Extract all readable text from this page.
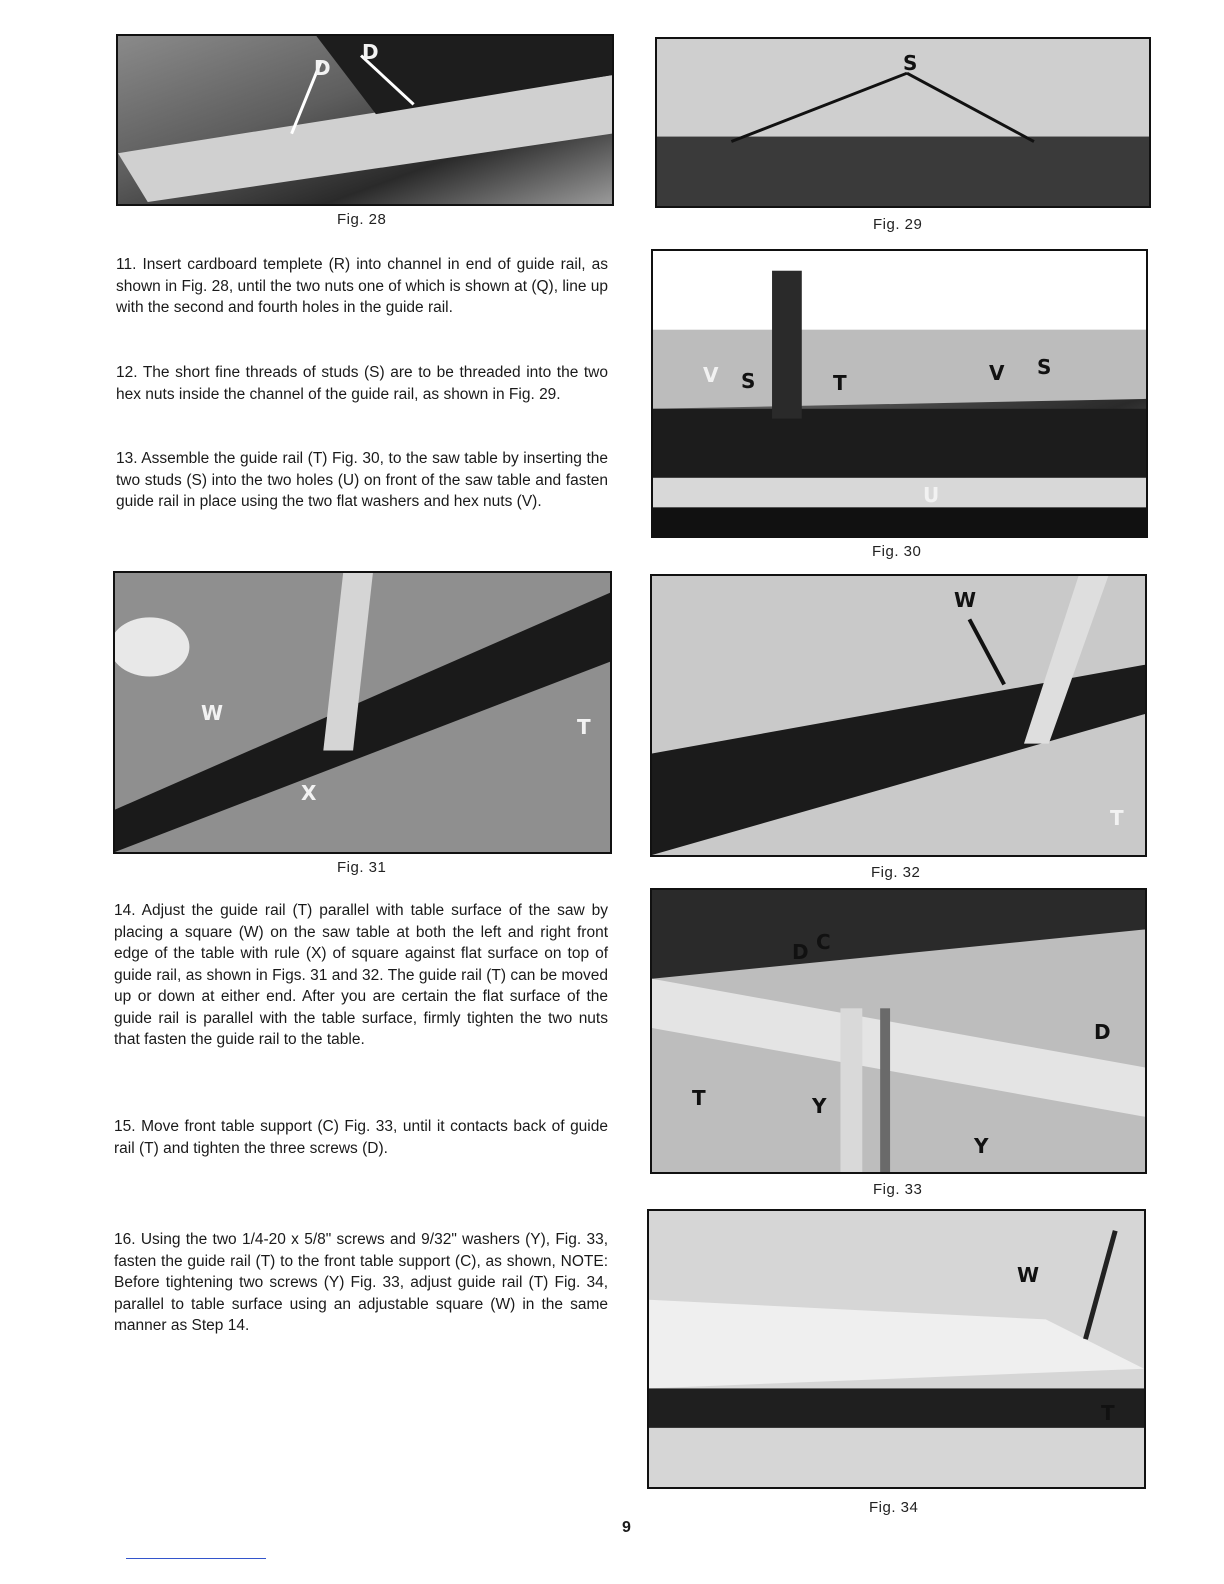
D
D
Fig. 28
S
Fig. 29

11. Insert cardboard templete (R) into channel in end of guide rail, as shown in Fig. 28, until the two nuts one of which is shown at (Q), line up with the second and fourth holes in the guide rail.

12. The short fine threads of studs (S) are to be threaded into the two hex nuts inside the channel of the guide rail, as shown in Fig. 29.

13. Assemble the guide rail (T) Fig. 30, to the saw table by inserting the two studs (S) into the two holes (U) on front of the saw table and fasten guide rail in place using the two flat washers and hex nuts (V).

V S	T	V S
U
Fig. 30
W
T
X
Fig. 31
W
T
Fig. 32

14. Adjust the guide rail (T) parallel with table surface of the saw by placing a square (W) on the saw table at both the left and right front edge of the table with rule (X) of square against flat surface on top of guide rail, as shown in Figs. 31 and 32. The guide rail (T) can be moved up or down at either end. After you are certain the flat surface of the guide rail is parallel with the table surface, firmly tighten the two nuts that fasten the guide rail to the table.

15. Move front table support (C) Fig. 33, until it contacts back of guide rail (T) and tighten the three screws (D).

16. Using the two 1/4-20 x 5/8" screws and 9/32" washers (Y), Fig. 33, fasten the guide rail (T) to the front table support (C), as shown, NOTE: Before tightening two screws (Y) Fig. 33, adjust guide rail (T) Fig. 34, parallel to table surface using an adjustable square (W) in the same manner as Step 14.

D C
D
T	Y
Y
Fig. 33
W
T
Fig. 34
9
